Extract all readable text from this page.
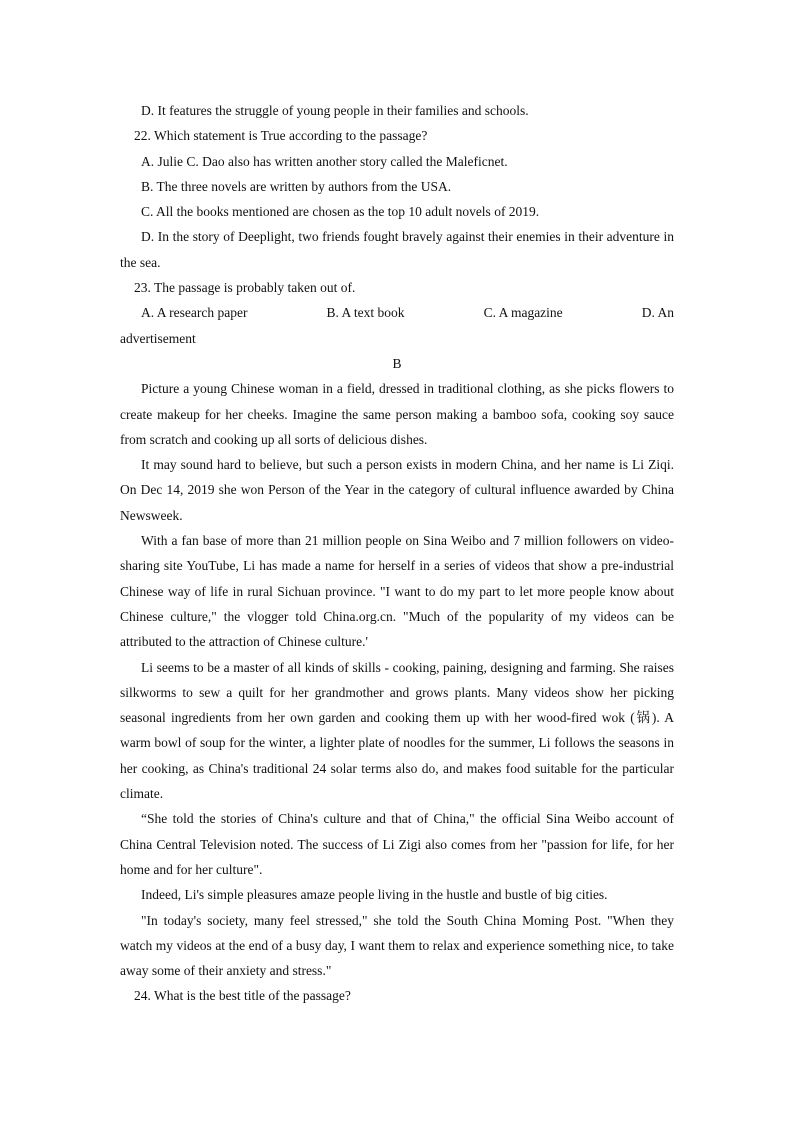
D. It features the struggle of young people in their families and schools.

22. Which statement is True according to the passage?

A. Julie C. Dao also has written another story called the Maleficnet.

B. The three novels are written by authors from the USA.

C. All the books mentioned are chosen as the top 10 adult novels of 2019.

D. In the story of Deeplight, two friends fought bravely against their enemies in their adventure in the sea.

23. The passage is probably taken out of.

A. A research paper	B. A text book	C. A magazine	D. An

advertisement

B

Picture a young Chinese woman in a field, dressed in traditional clothing, as she picks flowers to create makeup for her cheeks. Imagine the same person making a bamboo sofa, cooking soy sauce from scratch and cooking up all sorts of delicious dishes.

It may sound hard to believe, but such a person exists in modern China, and her name is Li Ziqi. On Dec 14, 2019 she won Person of the Year in the category of cultural influence awarded by China Newsweek.

With a fan base of more than 21 million people on Sina Weibo and 7 million followers on video-sharing site YouTube, Li has made a name for herself in a series of videos that show a pre-industrial Chinese way of life in rural Sichuan province. "I want to do my part to let more people know about Chinese culture," the vlogger told China.org.cn. "Much of the popularity of my videos can be attributed to the attraction of Chinese culture.'

Li seems to be a master of all kinds of skills - cooking, paining, designing and farming. She raises silkworms to sew a quilt for her grandmother and grows plants. Many videos show her picking seasonal ingredients from her own garden and cooking them up with her wood-fired wok (锅). A warm bowl of soup for the winter, a lighter plate of noodles for the summer, Li follows the seasons in her cooking, as China's traditional 24 solar terms also do, and makes food suitable for the particular climate.

“She told the stories of China's culture and that of China," the official Sina Weibo account of China Central Television noted. The success of Li Zigi also comes from her "passion for life, for her home and for her culture".

Indeed, Li's simple pleasures amaze people living in the hustle and bustle of big cities.

"In today's society, many feel stressed," she told the South China Moming Post. "When they watch my videos at the end of a busy day, I want them to relax and experience something nice, to take away some of their anxiety and stress."

24. What is the best title of the passage?
